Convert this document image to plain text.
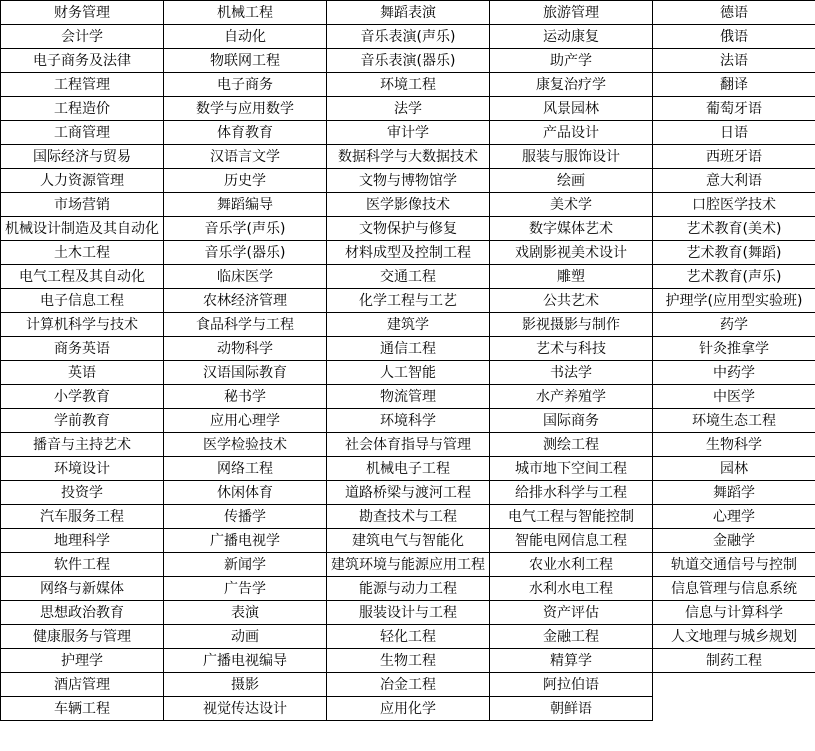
财务管理	机械工程	舞蹈表演	旅游管理	德语
会计学	自动化	音乐表演(声乐)	运动康复	俄语
电子商务及法律	物联网工程	音乐表演(器乐)	助产学	法语
工程管理	电子商务	环境工程	康复治疗学	翻译
工程造价	数学与应用数学	法学	风景园林	葡萄牙语
工商管理	体育教育	审计学	产品设计	日语
国际经济与贸易	汉语言文学	数据科学与大数据技术	服装与服饰设计	西班牙语
人力资源管理	历史学	文物与博物馆学	绘画	意大利语
市场营销	舞蹈编导	医学影像技术	美术学	口腔医学技术
机械设计制造及其自动化	音乐学(声乐)	文物保护与修复	数字媒体艺术	艺术教育(美术)
土木工程	音乐学(器乐)	材料成型及控制工程	戏剧影视美术设计	艺术教育(舞蹈)
电气工程及其自动化	临床医学	交通工程	雕塑	艺术教育(声乐)
电子信息工程	农林经济管理	化学工程与工艺	公共艺术	护理学(应用型实验班)
计算机科学与技术	食品科学与工程	建筑学	影视摄影与制作	药学
商务英语	动物科学	通信工程	艺术与科技	针灸推拿学
英语	汉语国际教育	人工智能	书法学	中药学
小学教育	秘书学	物流管理	水产养殖学	中医学
学前教育	应用心理学	环境科学	国际商务	环境生态工程
播音与主持艺术	医学检验技术	社会体育指导与管理	测绘工程	生物科学
环境设计	网络工程	机械电子工程	城市地下空间工程	园林
投资学	休闲体育	道路桥梁与渡河工程	给排水科学与工程	舞蹈学
汽车服务工程	传播学	勘查技术与工程	电气工程与智能控制	心理学
地理科学	广播电视学	建筑电气与智能化	智能电网信息工程	金融学
软件工程	新闻学	建筑环境与能源应用工程	农业水利工程	轨道交通信号与控制
网络与新媒体	广告学	能源与动力工程	水利水电工程	信息管理与信息系统
思想政治教育	表演	服装设计与工程	资产评估	信息与计算科学
健康服务与管理	动画	轻化工程	金融工程	人文地理与城乡规划
护理学	广播电视编导	生物工程	精算学	制药工程
酒店管理	摄影	冶金工程	阿拉伯语	
车辆工程	视觉传达设计	应用化学	朝鲜语	
